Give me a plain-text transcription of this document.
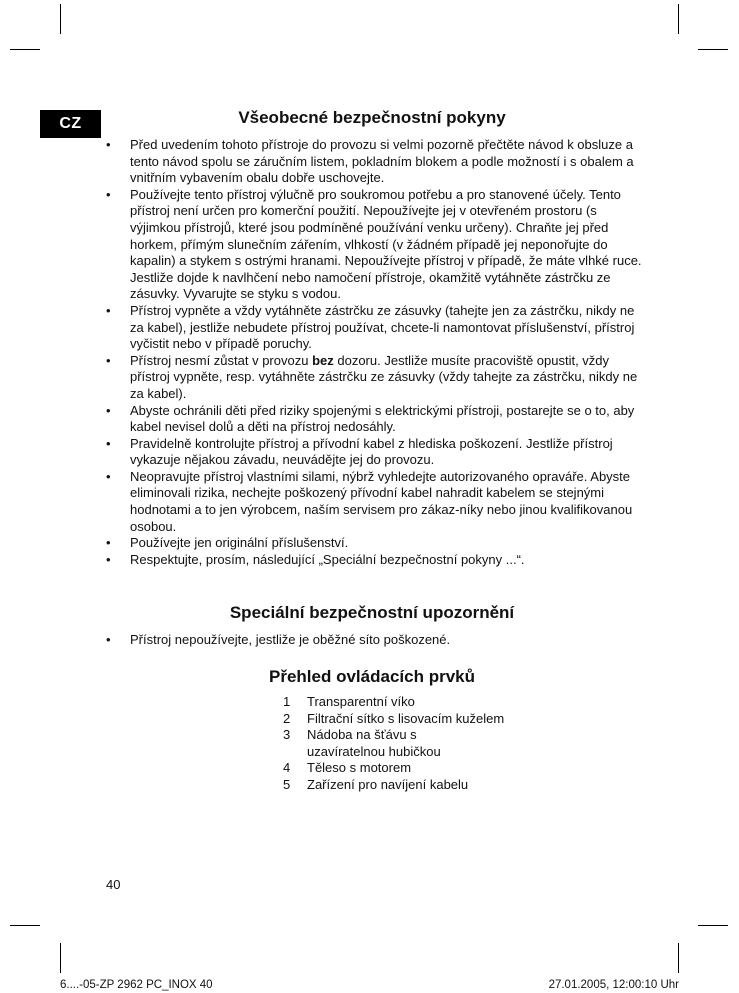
CZ	Všeobecné bezpečnostní pokyny
• Před uvedením tohoto přístroje do provozu si velmi pozorně přečtěte návod k obsluze a tento návod spolu se záručním listem, pokladním blokem a podle možností i s obalem a vnitřním vybavením obalu dobře uschovejte.
• Používejte tento přístroj výlučně pro soukromou potřebu a pro stanovené účely. Tento přístroj není určen pro komerční použití. Nepoužívejte jej v otevřeném prostoru (s výjimkou přístrojů, které jsou podmíněné používání venku určeny). Chraňte jej před horkem, přímým slunečním zářením, vlhkostí (v žádném případě jej neponořujte do kapalin) a stykem s ostrými hranami. Nepoužívejte přístroj v případě, že máte vlhké ruce. Jestliže dojde k navlhčení nebo namočení přístroje, okamžitě vytáhněte zástrčku ze zásuvky. Vyvarujte se styku s vodou.
• Přístroj vypněte a vždy vytáhněte zástrčku ze zásuvky (tahejte jen za zástrčku, nikdy ne za kabel), jestliže nebudete přístroj používat, chcete-li namontovat příslušenství, přístroj vyčistit nebo v případě poruchy.
• Přístroj nesmí zůstat v provozu bez dozoru. Jestliže musíte pracoviště opustit, vždy přístroj vypněte, resp. vytáhněte zástrčku ze zásuvky (vždy tahejte za zástrčku, nikdy ne za kabel).
• Abyste ochránili děti před riziky spojenými s elektrickými přístroji, postarejte se o to, aby kabel nevisel dolů a děti na přístroj nedosáhly.
• Pravidelně kontrolujte přístroj a přívodní kabel z hlediska poškození. Jestliže přístroj vykazuje nějakou závadu, neuvádějte jej do provozu.
• Neopravujte přístroj vlastními silami, nýbrž vyhledejte autorizovaného opraváře. Abyste eliminovali rizika, nechejte poškozený přívodní kabel nahradit kabelem se stejnými hodnotami a to jen výrobcem, naším servisem pro zákaz-níky nebo jinou kvalifikovanou osobou.
• Používejte jen originální příslušenství.
• Respektujte, prosím, následující „Speciální bezpečnostní pokyny ...“.
Speciální bezpečnostní upozornění
• Přístroj nepoužívejte, jestliže je oběžné síto poškozené.
Přehled ovládacích prvků
1	Transparentní víko
2	Filtrační sítko s lisovacím kuželem
3	Nádoba na šťávu s uzavíratelnou hubičkou
4	Těleso s motorem
5	Zařízení pro navíjení kabelu
40
6....-05-ZP 2962 PC_INOX 40	27.01.2005, 12:00:10 Uhr
